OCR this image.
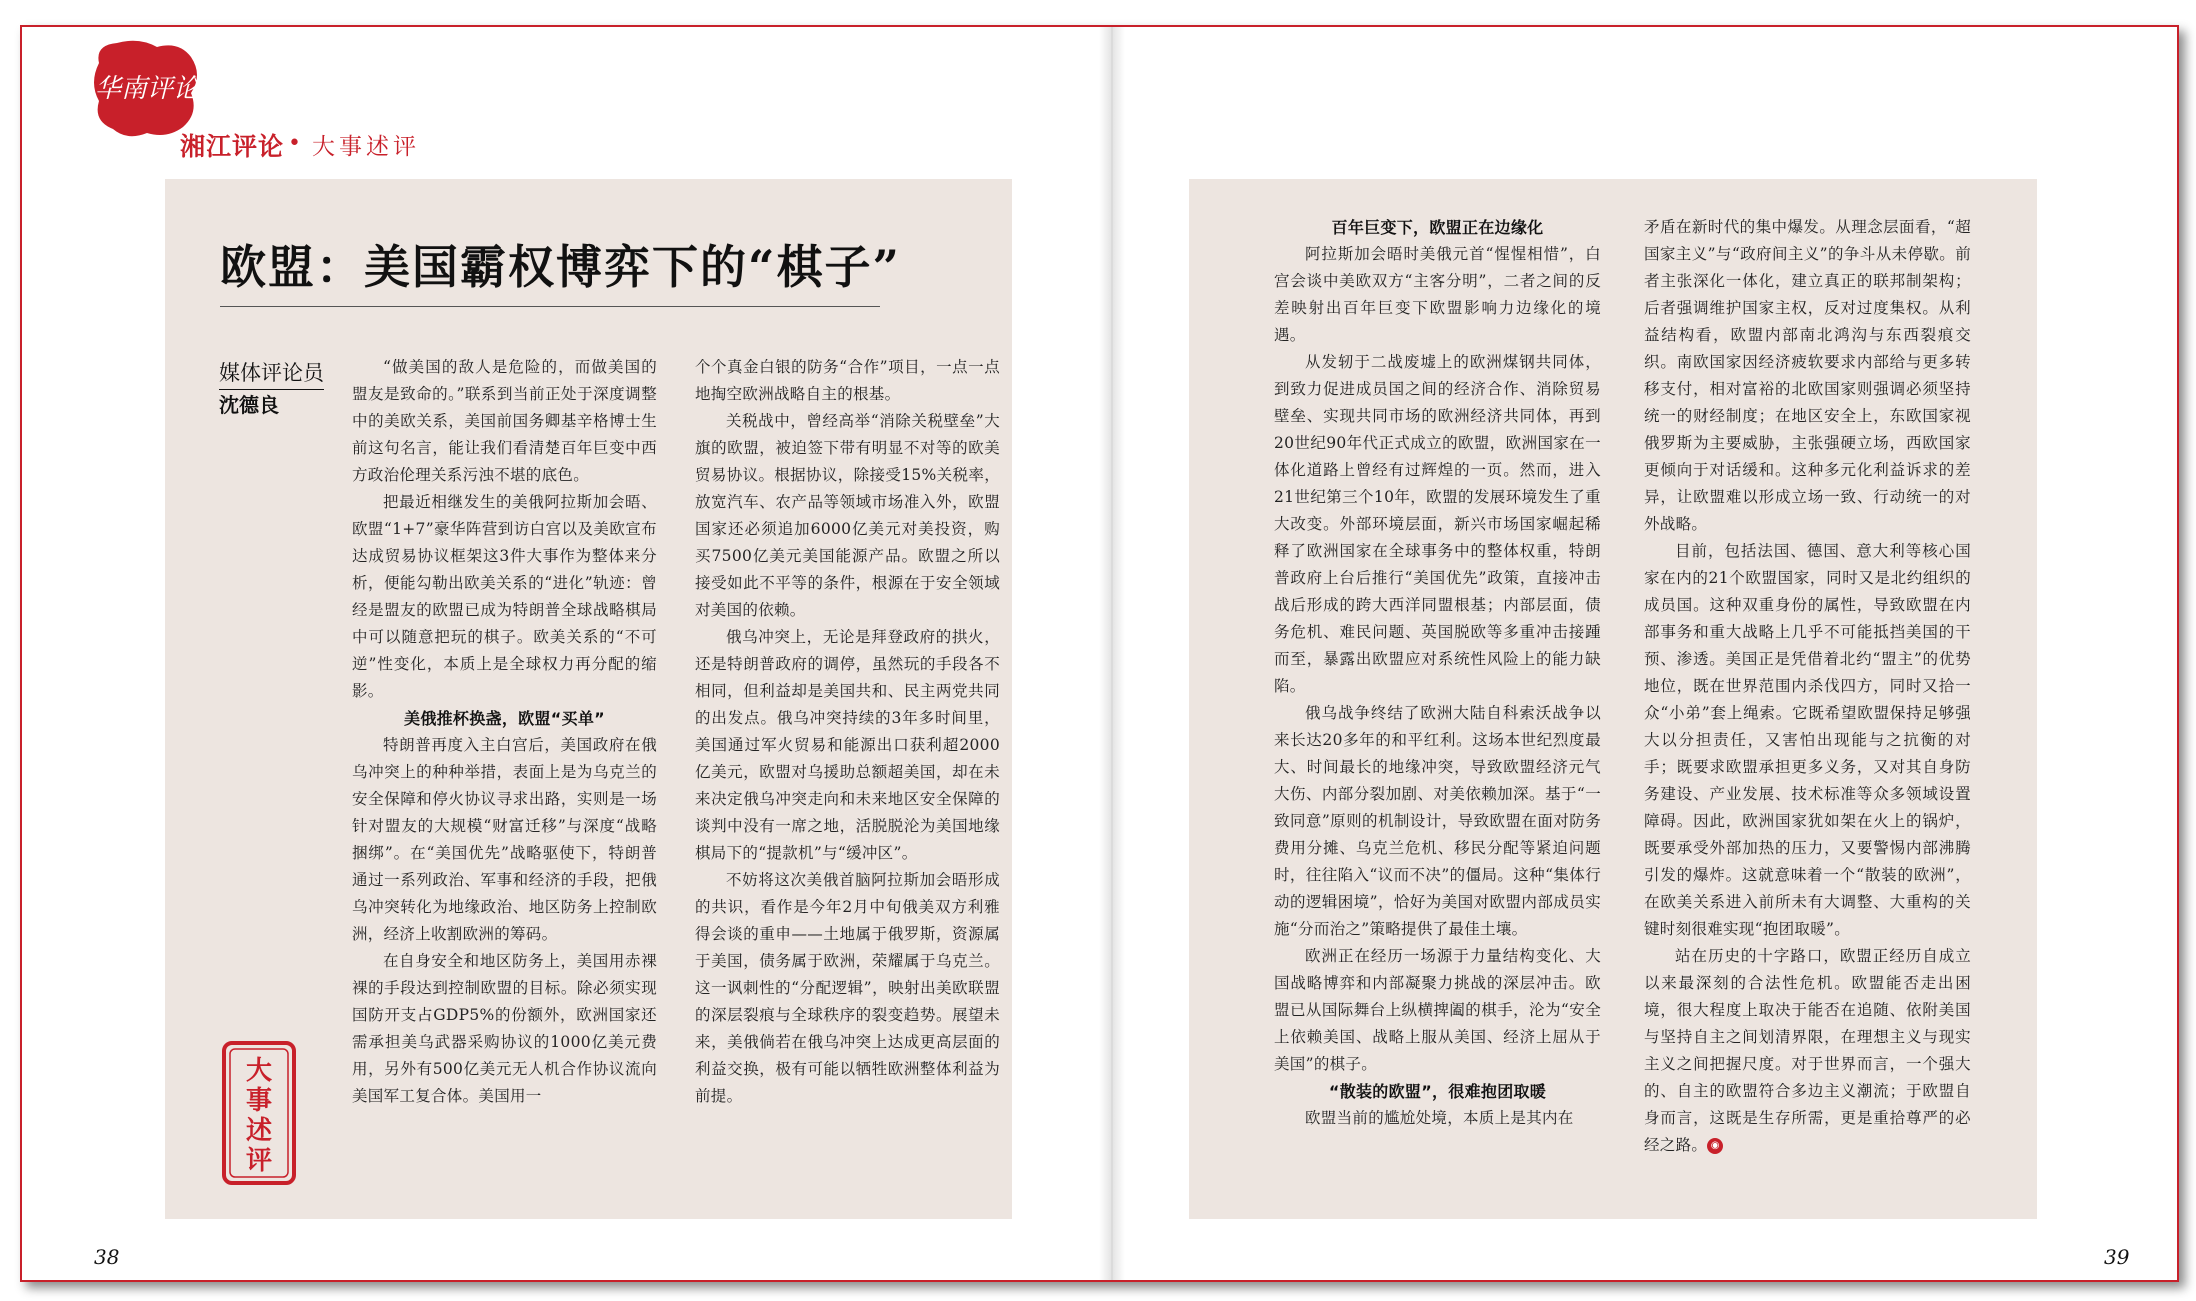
华南评论
湘江评论 • 大事述评
欧盟：美国霸权博弈下的“棋子”
媒体评论员
沈德良
大
事
述
评

“做美国的敌人是危险的，而做美国的盟友是致命的。”联系到当前正处于深度调整中的美欧关系，美国前国务卿基辛格博士生前这句名言，能让我们看清楚百年巨变中西方政治伦理关系污浊不堪的底色。

把最近相继发生的美俄阿拉斯加会晤、欧盟“1+7”豪华阵营到访白宫以及美欧宣布达成贸易协议框架这3件大事作为整体来分析，便能勾勒出欧美关系的“进化”轨迹：曾经是盟友的欧盟已成为特朗普全球战略棋局中可以随意把玩的棋子。欧美关系的“不可逆”性变化，本质上是全球权力再分配的缩影。

美俄推杯换盏，欧盟“买单”

特朗普再度入主白宫后，美国政府在俄乌冲突上的种种举措，表面上是为乌克兰的安全保障和停火协议寻求出路，实则是一场针对盟友的大规模“财富迁移”与深度“战略捆绑”。在“美国优先”战略驱使下，特朗普通过一系列政治、军事和经济的手段，把俄乌冲突转化为地缘政治、地区防务上控制欧洲，经济上收割欧洲的筹码。

在自身安全和地区防务上，美国用赤裸裸的手段达到控制欧盟的目标。除必须实现国防开支占GDP5%的份额外，欧洲国家还需承担美乌武器采购协议的1000亿美元费用，另外有500亿美元无人机合作协议流向美国军工复合体。美国用一

个个真金白银的防务“合作”项目，一点一点地掏空欧洲战略自主的根基。

关税战中，曾经高举“消除关税壁垒”大旗的欧盟，被迫签下带有明显不对等的欧美贸易协议。根据协议，除接受15%关税率，放宽汽车、农产品等领域市场准入外，欧盟国家还必须追加6000亿美元对美投资，购买7500亿美元美国能源产品。欧盟之所以接受如此不平等的条件，根源在于安全领域对美国的依赖。

俄乌冲突上，无论是拜登政府的拱火，还是特朗普政府的调停，虽然玩的手段各不相同，但利益却是美国共和、民主两党共同的出发点。俄乌冲突持续的3年多时间里，美国通过军火贸易和能源出口获利超2000亿美元，欧盟对乌援助总额超美国，却在未来决定俄乌冲突走向和未来地区安全保障的谈判中没有一席之地，活脱脱沦为美国地缘棋局下的“提款机”与“缓冲区”。

不妨将这次美俄首脑阿拉斯加会晤形成的共识，看作是今年2月中旬俄美双方利雅得会谈的重申——土地属于俄罗斯，资源属于美国，债务属于欧洲，荣耀属于乌克兰。这一讽刺性的“分配逻辑”，映射出美欧联盟的深层裂痕与全球秩序的裂变趋势。展望未来，美俄倘若在俄乌冲突上达成更高层面的利益交换，极有可能以牺牲欧洲整体利益为前提。

百年巨变下，欧盟正在边缘化

阿拉斯加会晤时美俄元首“惺惺相惜”，白宫会谈中美欧双方“主客分明”，二者之间的反差映射出百年巨变下欧盟影响力边缘化的境遇。

从发轫于二战废墟上的欧洲煤钢共同体，到致力促进成员国之间的经济合作、消除贸易壁垒、实现共同市场的欧洲经济共同体，再到20世纪90年代正式成立的欧盟，欧洲国家在一体化道路上曾经有过辉煌的一页。然而，进入21世纪第三个10年，欧盟的发展环境发生了重大改变。外部环境层面，新兴市场国家崛起稀释了欧洲国家在全球事务中的整体权重，特朗普政府上台后推行“美国优先”政策，直接冲击战后形成的跨大西洋同盟根基；内部层面，债务危机、难民问题、英国脱欧等多重冲击接踵而至，暴露出欧盟应对系统性风险上的能力缺陷。

俄乌战争终结了欧洲大陆自科索沃战争以来长达20多年的和平红利。这场本世纪烈度最大、时间最长的地缘冲突，导致欧盟经济元气大伤、内部分裂加剧、对美依赖加深。基于“一致同意”原则的机制设计，导致欧盟在面对防务费用分摊、乌克兰危机、移民分配等紧迫问题时，往往陷入“议而不决”的僵局。这种“集体行动的逻辑困境”，恰好为美国对欧盟内部成员实施“分而治之”策略提供了最佳土壤。

欧洲正在经历一场源于力量结构变化、大国战略博弈和内部凝聚力挑战的深层冲击。欧盟已从国际舞台上纵横捭阖的棋手，沦为“安全上依赖美国、战略上服从美国、经济上屈从于美国”的棋子。

“散装的欧盟”，很难抱团取暖

欧盟当前的尴尬处境，本质上是其内在

矛盾在新时代的集中爆发。从理念层面看，“超国家主义”与“政府间主义”的争斗从未停歇。前者主张深化一体化，建立真正的联邦制架构；后者强调维护国家主权，反对过度集权。从利益结构看，欧盟内部南北鸿沟与东西裂痕交织。南欧国家因经济疲软要求内部给与更多转移支付，相对富裕的北欧国家则强调必须坚持统一的财经制度；在地区安全上，东欧国家视俄罗斯为主要威胁，主张强硬立场，西欧国家更倾向于对话缓和。这种多元化利益诉求的差异，让欧盟难以形成立场一致、行动统一的对外战略。

目前，包括法国、德国、意大利等核心国家在内的21个欧盟国家，同时又是北约组织的成员国。这种双重身份的属性，导致欧盟在内部事务和重大战略上几乎不可能抵挡美国的干预、渗透。美国正是凭借着北约“盟主”的优势地位，既在世界范围内杀伐四方，同时又拾一众“小弟”套上绳索。它既希望欧盟保持足够强大以分担责任，又害怕出现能与之抗衡的对手；既要求欧盟承担更多义务，又对其自身防务建设、产业发展、技术标准等众多领域设置障碍。因此，欧洲国家犹如架在火上的锅炉，既要承受外部加热的压力，又要警惕内部沸腾引发的爆炸。这就意味着一个“散装的欧洲”，在欧美关系进入前所未有大调整、大重构的关键时刻很难实现“抱团取暖”。

站在历史的十字路口，欧盟正经历自成立以来最深刻的合法性危机。欧盟能否走出困境，很大程度上取决于能否在追随、依附美国与坚持自主之间划清界限，在理想主义与现实主义之间把握尺度。对于世界而言，一个强大的、自主的欧盟符合多边主义潮流；于欧盟自身而言，这既是生存所需，更是重拾尊严的必经之路。 ◉

38	39
